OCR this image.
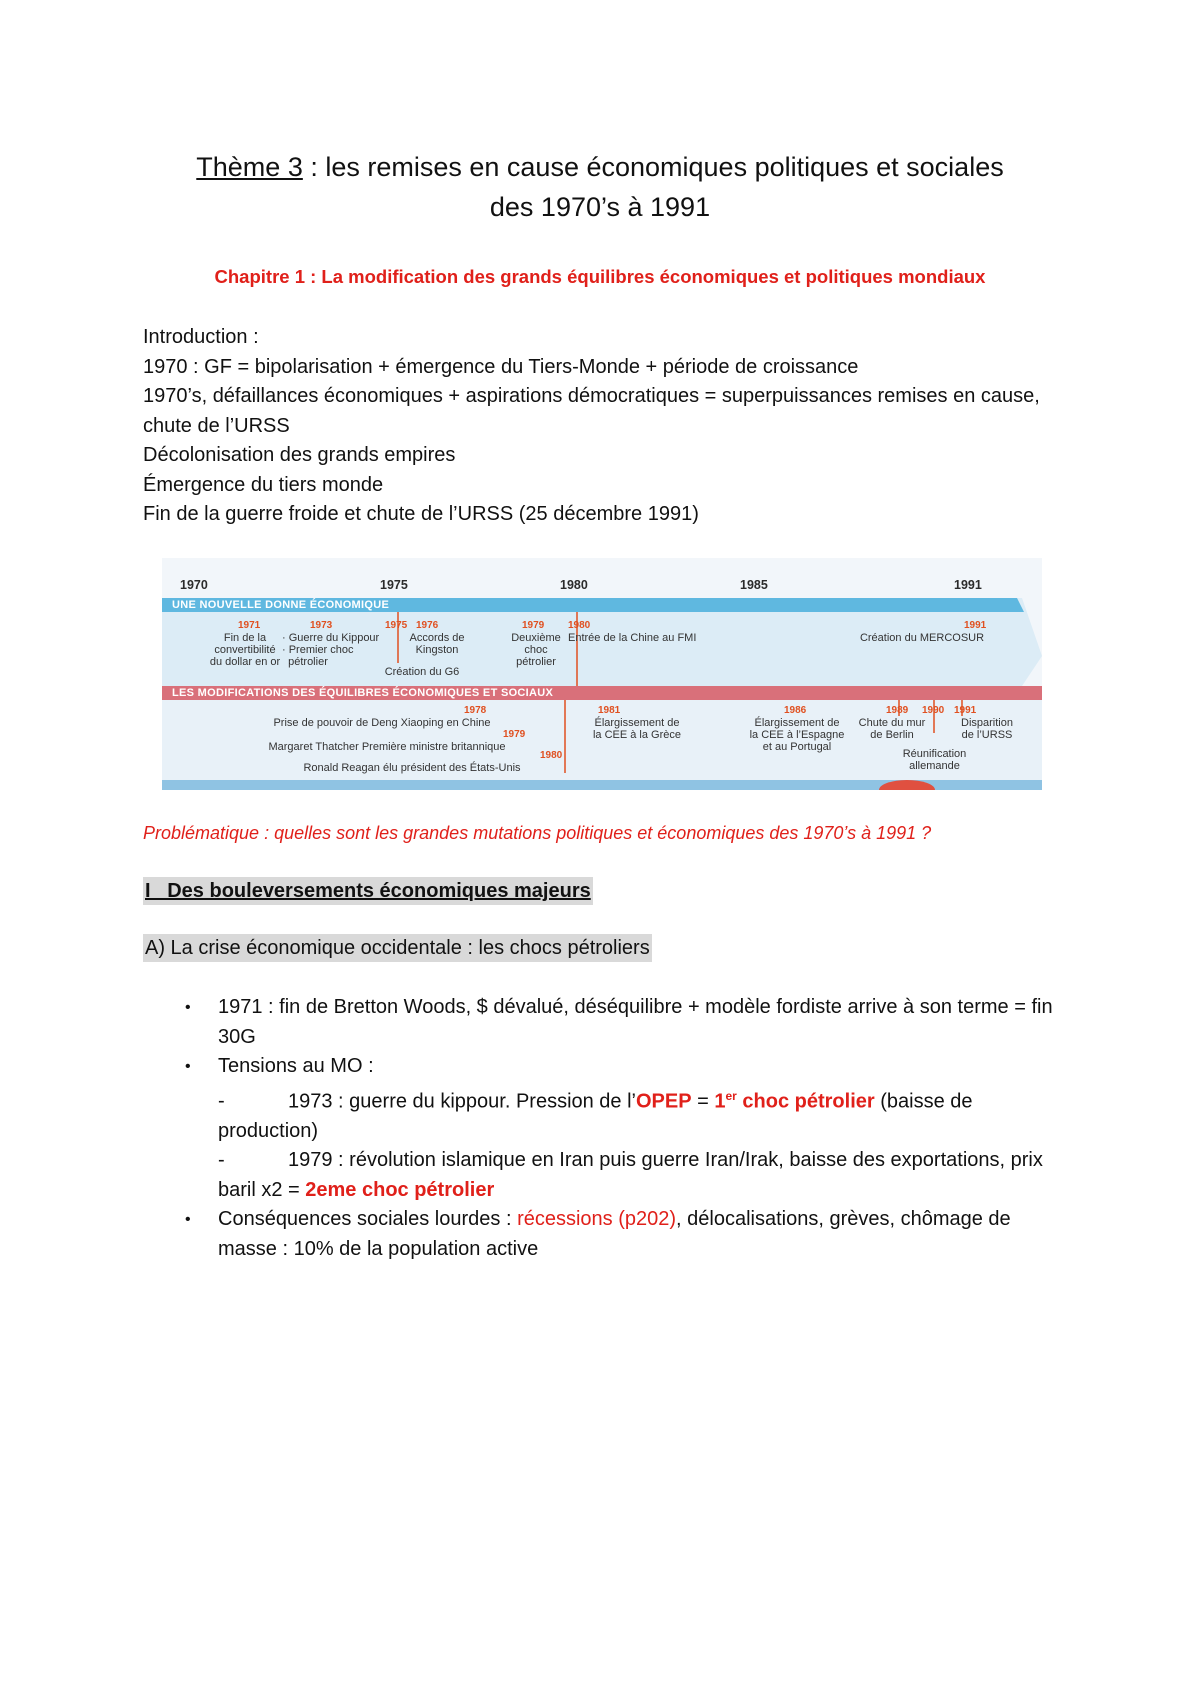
Thème 3 : les remises en cause économiques politiques et sociales
des 1970’s à 1991
Chapitre 1 : La modification des grands équilibres économiques et politiques mondiaux
Introduction :
1970 : GF = bipolarisation + émergence du Tiers-Monde + période de croissance
1970’s, défaillances économiques + aspirations démocratiques = superpuissances remises en cause, chute de l’URSS
Décolonisation des grands empires
Émergence du tiers monde
Fin de la guerre froide et chute de l’URSS (25 décembre 1991)
1970	1975	1980	1985	1991
UNE NOUVELLE DONNE ÉCONOMIQUE
LES MODIFICATIONS DES ÉQUILIBRES ÉCONOMIQUES ET SOCIAUX
1971
Fin de la
convertibilité
du dollar en or
1973
· Guerre du Kippour
· Premier choc
pétrolier
1975
Création du G6
1976
Accords de
Kingston
1979
Deuxième
choc
pétrolier
1980
Entrée de la Chine au FMI
1991
Création du MERCOSUR
1978
Prise de pouvoir de Deng Xiaoping en Chine
1979
Margaret Thatcher Première ministre britannique
1980
Ronald Reagan élu président des États-Unis
1981
Élargissement de
la CEE à la Grèce
1986
Élargissement de
la CEE à l’Espagne
et au Portugal
1989
Chute du mur
de Berlin
1990
Réunification
allemande
1991
Disparition
de l’URSS
Problématique : quelles sont les grandes mutations politiques et économiques des 1970’s à 1991 ?
I_ Des bouleversements économiques majeurs
A) La crise économique occidentale : les chocs pétroliers
• 1971 : fin de Bretton Woods, $ dévalué, déséquilibre + modèle fordiste arrive à son terme = fin 30G
• Tensions au MO :
-	1973 : guerre du kippour. Pression de l’OPEP = 1er choc pétrolier (baisse de production)
-	1979 : révolution islamique en Iran puis guerre Iran/Irak, baisse des exportations, prix baril x2 = 2eme choc pétrolier
• Conséquences sociales lourdes : récessions (p202), délocalisations, grèves, chômage de masse : 10% de la population active
